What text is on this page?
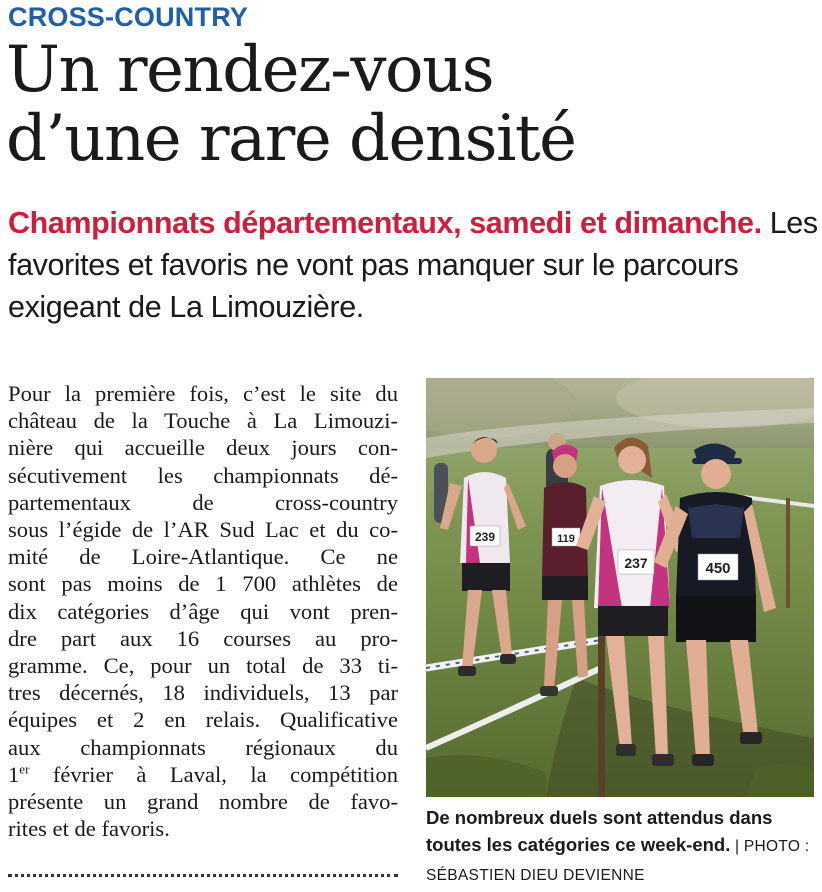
CROSS-COUNTRY
Un rendez-vous
d’une rare densité

Championnats départementaux, samedi et dimanche. Les favorites et favoris ne vont pas manquer sur le parcours exigeant de La Limouzière.

Pour la première fois, c’est le site du
château de la Touche à La Limouzi-
nière qui accueille deux jours con-
sécutivement les championnats dé-
partementaux de cross-country
sous l’égide de l’AR Sud Lac et du co-
mité de Loire-Atlantique. Ce ne
sont pas moins de 1 700 athlètes de
dix catégories d’âge qui vont pren-
dre part aux 16 courses au pro-
gramme. Ce, pour un total de 33 ti-
tres décernés, 18 individuels, 13 par
équipes et 2 en relais. Qualificative
aux championnats régionaux du
1er février à Laval, la compétition
présente un grand nombre de favo-
rites et de favoris.
239	119
237	450

De nombreux duels sont attendus dans toutes les catégories ce week-end. | PHOTO : SÉBASTIEN DIEU DEVIENNE
